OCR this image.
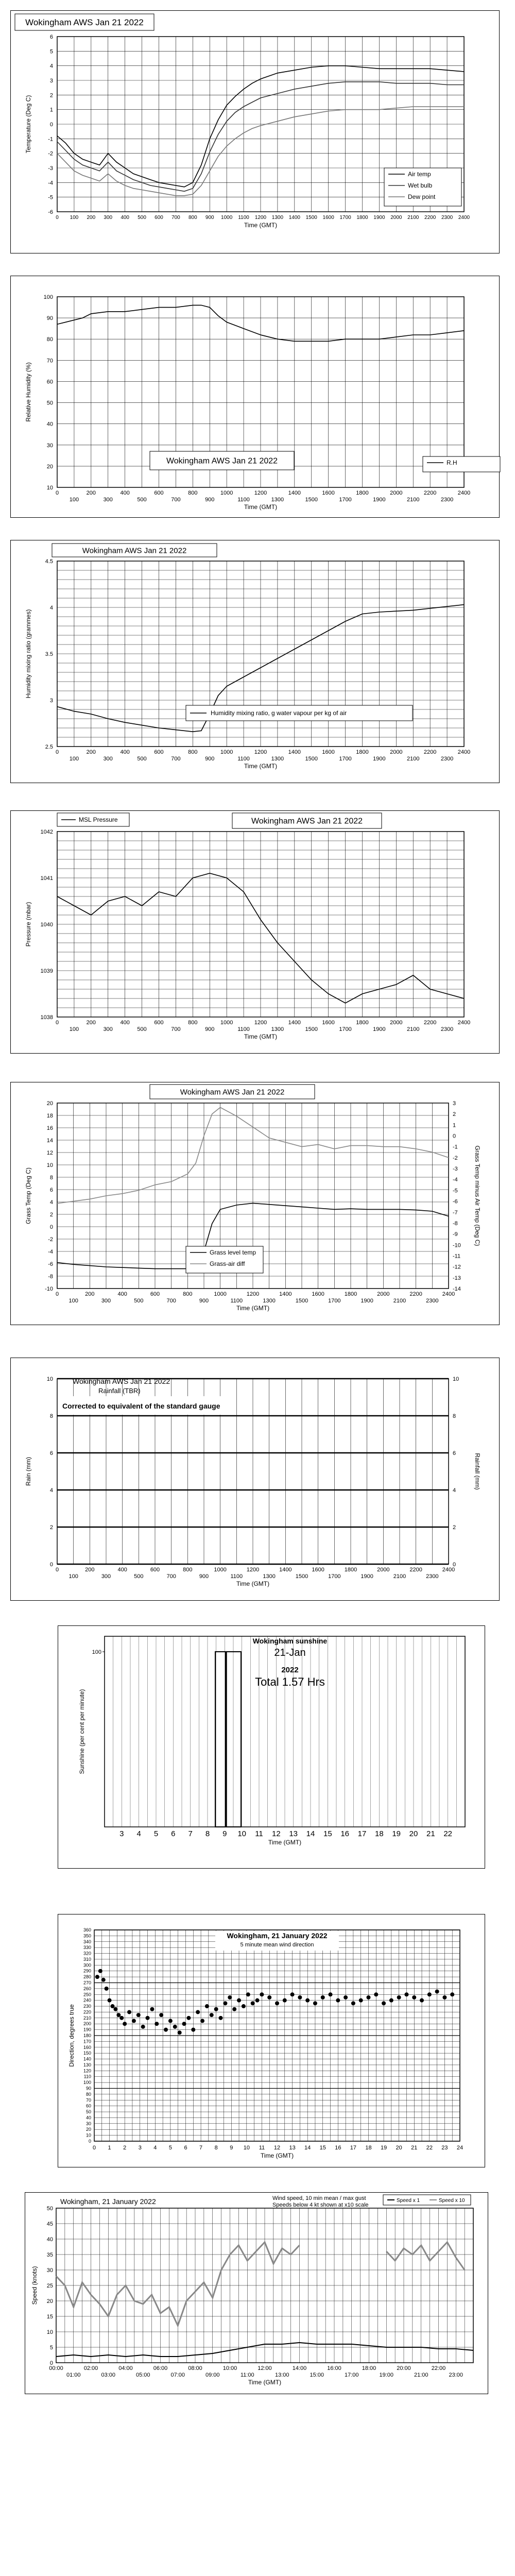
0 100 200 300 400 500 600 700 800 900 1000 1100 1200 1300 1400 1500 1600 1700 1800 1900 2000 2100 2200 2300 2400
-6
-5
-4
-3
-2
-1
0
1
2
3
4
5
6
Time (GMT)
Temperature (Deg C)
Wokingham AWS Jan 21 2022
Air temp
Wet bulb
Dew point
0	200	400	600	800	1000	1200	1400	1600	1800	2000	2200	2400
100	300	500	700	900	1100	1300	1500	1700	1900	2100	2300
10
20
30
40
50
60
70
80
90
100
Time (GMT)
Relative Humidity (%)
Wokingham AWS Jan 21 2022	R.H
0	200	400	600	800	1000	1200	1400	1600	1800	2000	2200	2400
100	300	500	700	900	1100	1300	1500	1700	1900	2100	2300
2.5
3
3.5
4
4.5
Time (GMT)
Humidity mixing ratio (grammes)
Wokingham AWS Jan 21 2022
Humidity mixing ratio, g water vapour per kg of air
0	200	400	600	800	1000	1200	1400	1600	1800	2000	2200	2400
100	300	500	700	900	1100	1300	1500	1700	1900	2100	2300
1038
1039
1040
1041
1042
Time (GMT)
Pressure (mbar)
MSL Pressure	Wokingham AWS Jan 21 2022
0	200	400	600	800	1000	1200	1400	1600	1800	2000	2200	2400
100	300	500	700	900	1100	1300	1500	1700	1900	2100	2300
-10
-8
-6
-4
-2
0
2
4
6
8
10
12
14
16
18
20
-14
-13
-12
-11
-10
-9
-8
-7
-6
-5
-4
-3
-2
-1
0
1
2
3
Time (GMT)
Grass Temp (Deg C)	Grass Temp minus Air Temp (Deg C)
Wokingham AWS Jan 21 2022
Grass level temp
Grass-air diff
0	200	400	600	800	1000	1200	1400	1600	1800	2000	2200	2400
100	300	500	700	900	1100	1300	1500	1700	1900	2100	2300
0
2
4
6
8
10
0
2
4
6
8
10
Time (GMT)
Rain (mm)	Rainfall (mm)
Wokingham AWS Jan 21 2022
Rainfall (TBR)
Corrected to equivalent of the standard gauge
100
3 4 5 6 7 8 9 10 11 12 13 14 15 16 17 18 19 20 21 22
Time (GMT)
Sunshine (per cent per minute)
Wokingham sunshine
21-Jan
2022
Total 1.57 Hrs
0
10
20
30
40
50
60
70
80
90
100
110
120
130
140
150
160
170
180
190
200
210
220
230
240
250
260
270
280
290
300
310
320
330
340
350
360
0 1 2 3 4 5 6 7 8 9 10 11 12 13 14 15 16 17 18 19 20 21 22 23 24
Time (GMT)
Direction, degrees true
Wokingham, 21 January 2022
5 minute mean wind direction
0
5
10
15
20
25
30
35
40
45
50
00:00	02:00	04:00	06:00	08:00	10:00	12:00	14:00	16:00	18:00	20:00	22:00
01:00	03:00	05:00	07:00	09:00	11:00	13:00	15:00	17:00	19:00	21:00	23:00
Time (GMT)
Speed (knots)
Wokingham, 21 January 2022	Wind speed, 10 min mean / max gust
Speeds below 4 kt shown at x10 scale
Speed x 1	Speed x 10
